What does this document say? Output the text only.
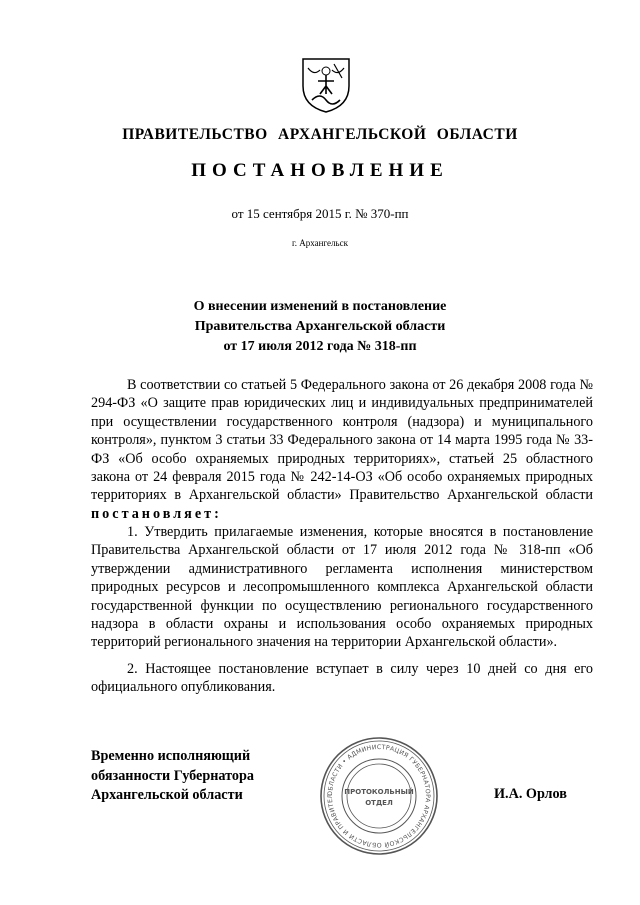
ПРАВИТЕЛЬСТВО АРХАНГЕЛЬСКОЙ ОБЛАСТИ
ПОСТАНОВЛЕНИЕ
от 15 сентября 2015 г. № 370-пп
г. Архангельск
О внесении изменений в постановление
Правительства Архангельской области
от 17 июля 2012 года № 318-пп

В соответствии со статьей 5 Федерального закона от 26 декабря 2008 года № 294-ФЗ «О защите прав юридических лиц и индивидуальных предпринимателей при осуществлении государственного контроля (надзора) и муниципального контроля», пунктом 3 статьи 33 Федерального закона от 14 марта 1995 года № 33-ФЗ «Об особо охраняемых природных территориях», статьей 25 областного закона от 24 февраля 2015 года № 242-14-ОЗ «Об особо охраняемых природных территориях в Архангельской области» Правительство Архангельской области постановляет:

1. Утвердить прилагаемые изменения, которые вносятся в постановление Правительства Архангельской области от 17 июля 2012 года № 318-пп «Об утверждении административного регламента исполнения министерством природных ресурсов и лесопромышленного комплекса Архангельской области государственной функции по осуществлению регионального государственного надзора в области охраны и использования особо охраняемых природных территорий регионального значения на территории Архангельской области».

2. Настоящее постановление вступает в силу через 10 дней со дня его официального опубликования.

Временно исполняющий
обязанности Губернатора
Архангельской области	И.А. Орлов
ОБЛАСТИ • АДМИНИСТРАЦИЯ ГУБЕРНАТОРА АРХАНГЕЛЬСКОЙ ОБЛАСТИ И ПРАВИТЕЛ
ПРОТОКОЛЬНЫЙ
ОТДЕЛ
